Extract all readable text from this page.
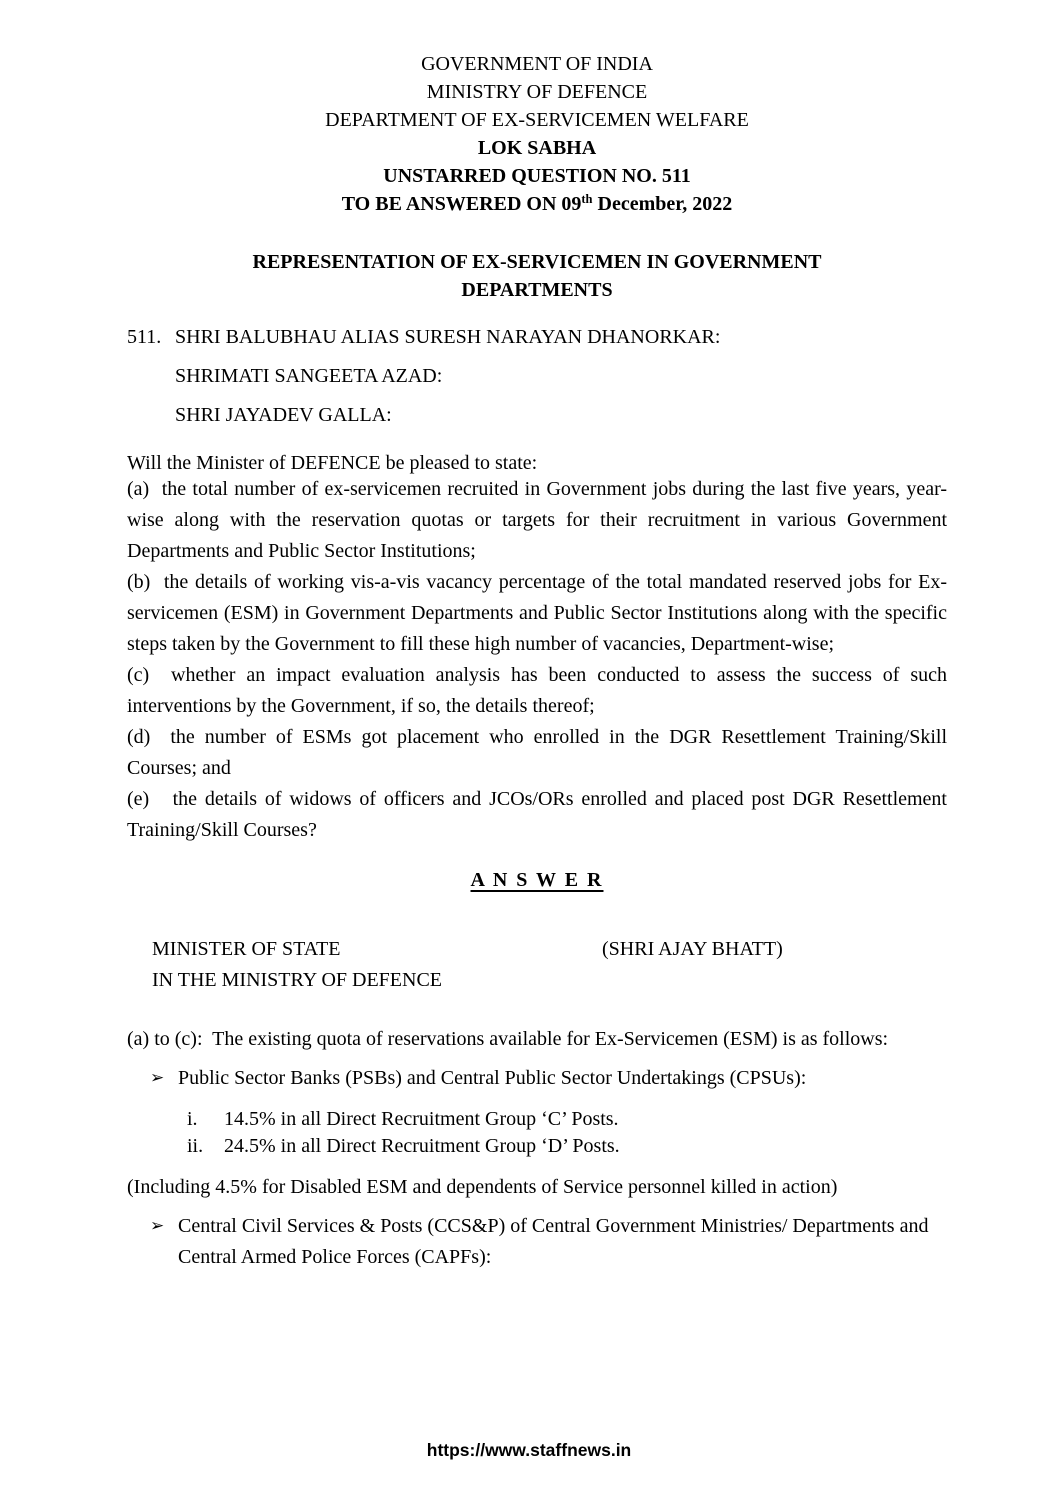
GOVERNMENT OF INDIA
MINISTRY OF DEFENCE
DEPARTMENT OF EX-SERVICEMEN WELFARE
LOK SABHA
UNSTARRED QUESTION NO. 511
TO BE ANSWERED ON 09th December, 2022
REPRESENTATION OF EX-SERVICEMEN IN GOVERNMENT
DEPARTMENTS
511. SHRI BALUBHAU ALIAS SURESH NARAYAN DHANORKAR:
SHRIMATI SANGEETA AZAD:
SHRI JAYADEV GALLA:
Will the Minister of DEFENCE be pleased to state:

(a)  the total number of ex-servicemen recruited in Government jobs during the last five years, year-wise along with the reservation quotas or targets for their recruitment in various Government Departments and Public Sector Institutions;

(b)  the details of working vis-a-vis vacancy percentage of the total mandated reserved jobs for Ex-servicemen (ESM) in Government Departments and Public Sector Institutions along with the specific steps taken by the Government to fill these high number of vacancies, Department-wise;

(c)  whether an impact evaluation analysis has been conducted to assess the success of such interventions by the Government, if so, the details thereof;

(d)  the number of ESMs got placement who enrolled in the DGR Resettlement Training/Skill Courses; and

(e)   the details of widows of officers and JCOs/ORs enrolled and placed post DGR Resettlement Training/Skill Courses?

A N S W E R
MINISTER OF STATE	(SHRI AJAY BHATT)
IN THE MINISTRY OF DEFENCE
(a) to (c):  The existing quota of reservations available for Ex-Servicemen (ESM) is as follows:
➢ Public Sector Banks (PSBs) and Central Public Sector Undertakings (CPSUs):
i.	14.5% in all Direct Recruitment Group ‘C’ Posts.
ii.	24.5% in all Direct Recruitment Group ‘D’ Posts.
(Including 4.5% for Disabled ESM and dependents of Service personnel killed in action)
➢ Central Civil Services & Posts (CCS&P) of Central Government Ministries/ Departments and Central Armed Police Forces (CAPFs):
https://www.staffnews.in
